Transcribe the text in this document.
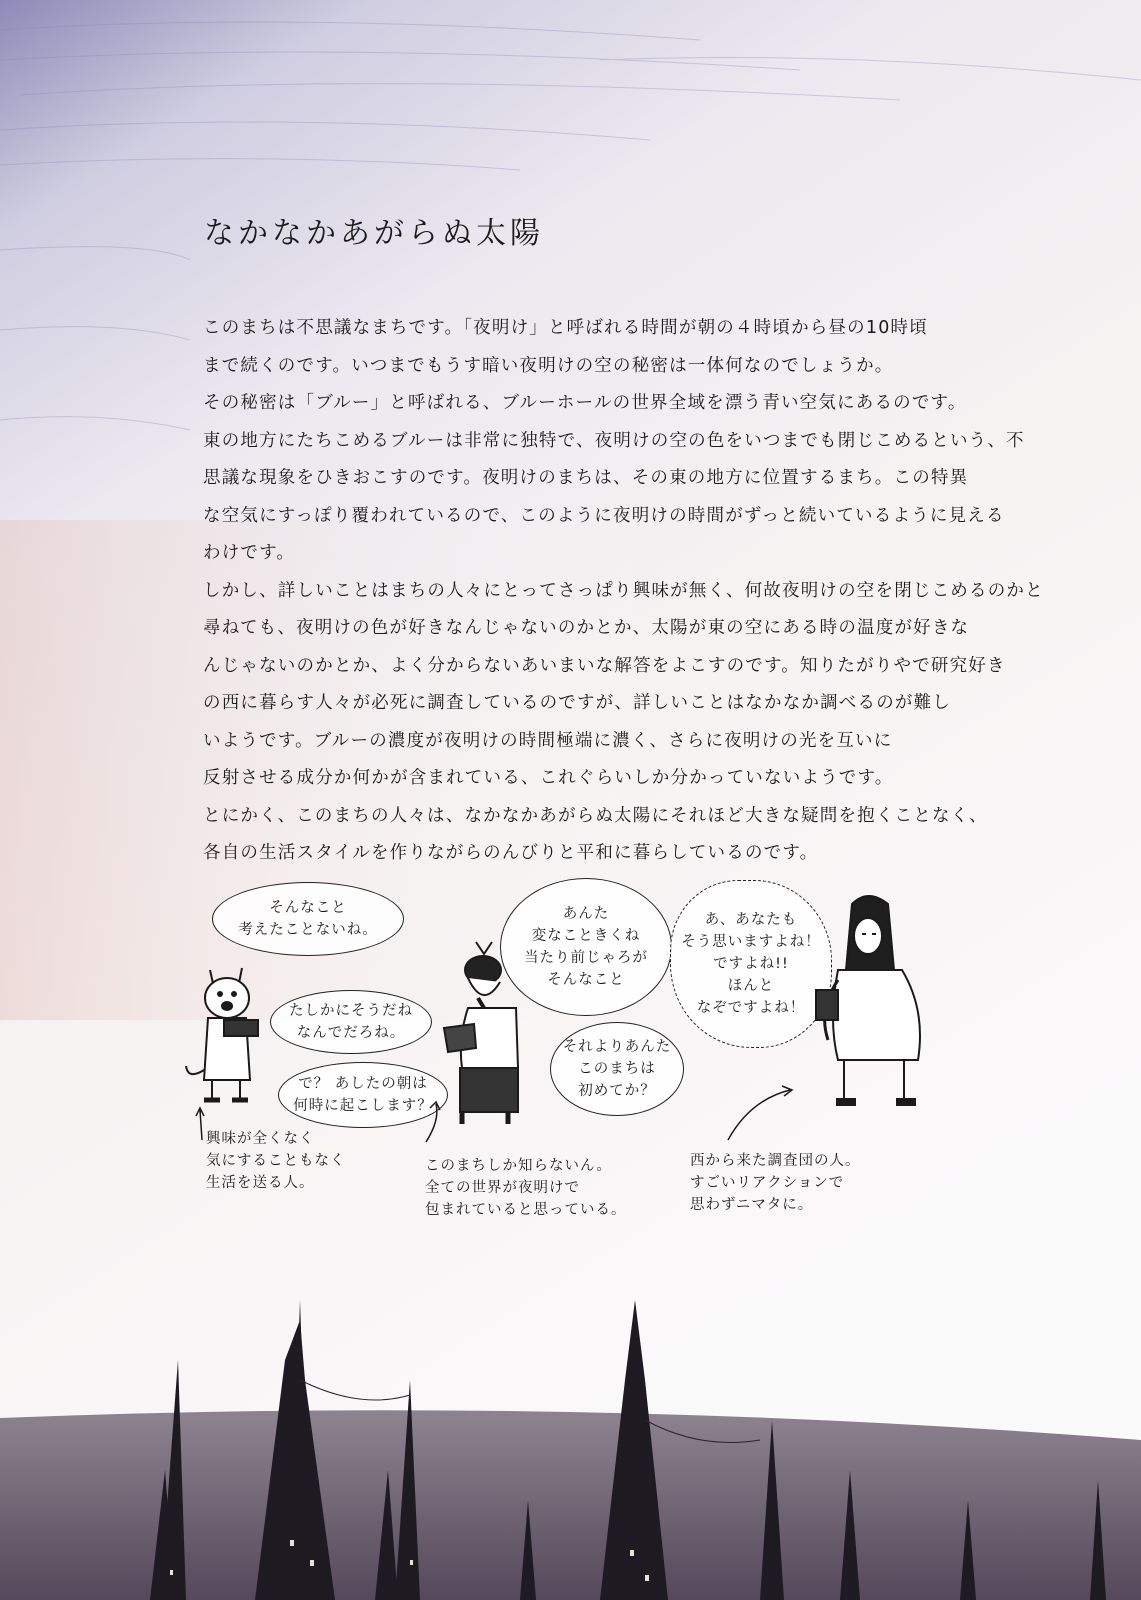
なかなかあがらぬ太陽

このまちは不思議なまちです。「夜明け」と呼ばれる時間が朝の４時頃から昼の10時頃

まで続くのです。いつまでもうす暗い夜明けの空の秘密は一体何なのでしょうか。

その秘密は「ブルー」と呼ばれる、ブルーホールの世界全域を漂う青い空気にあるのです。

東の地方にたちこめるブルーは非常に独特で、夜明けの空の色をいつまでも閉じこめるという、不

思議な現象をひきおこすのです。夜明けのまちは、その東の地方に位置するまち。この特異

な空気にすっぽり覆われているので、このように夜明けの時間がずっと続いているように見える

わけです。

しかし、詳しいことはまちの人々にとってさっぱり興味が無く、何故夜明けの空を閉じこめるのかと

尋ねても、夜明けの色が好きなんじゃないのかとか、太陽が東の空にある時の温度が好きな

んじゃないのかとか、よく分からないあいまいな解答をよこすのです。知りたがりやで研究好き

の西に暮らす人々が必死に調査しているのですが、詳しいことはなかなか調べるのが難し

いようです。ブルーの濃度が夜明けの時間極端に濃く、さらに夜明けの光を互いに

反射させる成分か何かが含まれている、これぐらいしか分かっていないようです。

とにかく、このまちの人々は、なかなかあがらぬ太陽にそれほど大きな疑問を抱くことなく、

各自の生活スタイルを作りながらのんびりと平和に暮らしているのです。

そんなこと
考えたことないね。
たしかにそうだね
なんでだろね。
で？ あしたの朝は
何時に起こします？
あんた
変なこときくね
当たり前じゃろが
そんなこと
それよりあんた
このまちは
初めてか？
あ、あなたも
そう思いますよね！
ですよね!!
ほんと
なぞですよね！
興味が全くなく
気にすることもなく
生活を送る人。
このまちしか知らないん。
全ての世界が夜明けで
包まれていると思っている。
西から来た調査団の人。
すごいリアクションで
思わずニマタに。
